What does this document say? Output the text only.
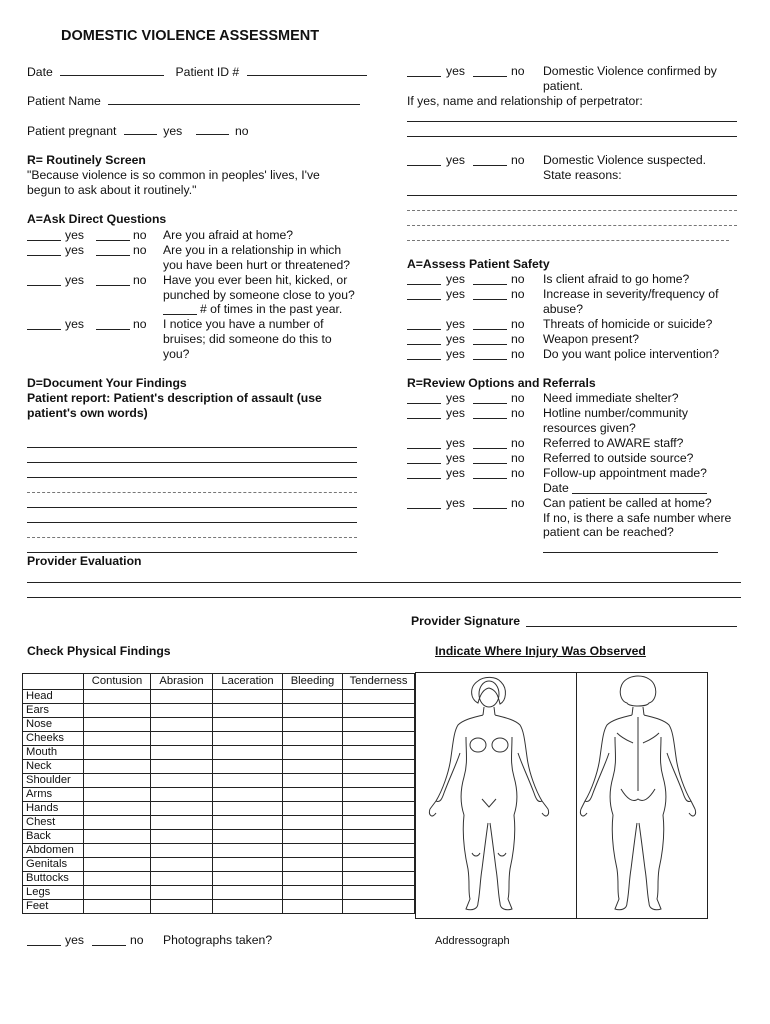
DOMESTIC VIOLENCE ASSESSMENT
Date	Patient ID #
Patient Name
Patient pregnant	yes	no
yes	no Domestic Violence confirmed by
patient.
If yes, name and relationship of perpetrator:
yes	no Domestic Violence suspected.
State reasons:
R= Routinely Screen
"Because violence is so common in peoples' lives, I've
begun to ask about it routinely."
A=Ask Direct Questions
yes	no Are you afraid at home?
yes	no Are you in a relationship in which
you have been hurt or threatened?
yes	no Have you ever been hit, kicked, or
punched by someone close to you?
# of times in the past year.
yes	no I notice you have a number of
bruises; did someone do this to
you?
A=Assess Patient Safety
yes	no Is client afraid to go home?
yes	no Increase in severity/frequency of
abuse?
yes	no Threats of homicide or suicide?
yes	no Weapon present?
yes	no Do you want police intervention?
D=Document Your Findings
Patient report: Patient's description of assault (use
patient's own words)
R=Review Options and Referrals
yes	no Need immediate shelter?
yes	no Hotline number/community
resources given?
yes	no Referred to AWARE staff?
yes	no Referred to outside source?
yes	no Follow-up appointment made?
Date
yes	no Can patient be called at home?
If no, is there a safe number where
patient can be reached?
Provider Evaluation
Provider Signature
Check Physical Findings	Indicate Where Injury Was Observed
	Contusion	Abrasion	Laceration	Bleeding	Tenderness
Head					
Ears					
Nose					
Cheeks					
Mouth					
Neck					
Shoulder					
Arms					
Hands					
Chest					
Back					
Abdomen					
Genitals					
Buttocks					
Legs					
Feet					
yes	no Photographs taken?	Addressograph
